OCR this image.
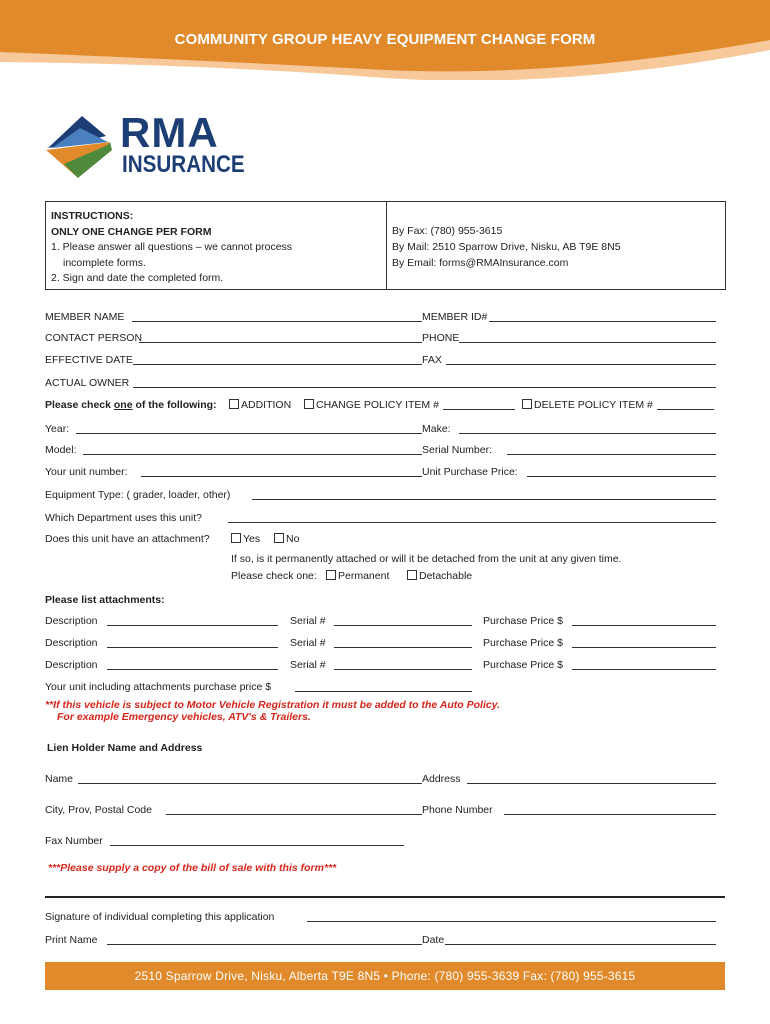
COMMUNITY GROUP HEAVY EQUIPMENT CHANGE FORM
RMA
INSURANCE
INSTRUCTIONS:
ONLY ONE CHANGE PER FORM
1. Please answer all questions – we cannot process
incomplete forms.
2. Sign and date the completed form.
By Fax: (780) 955-3615
By Mail: 2510 Sparrow Drive, Nisku, AB T9E 8N5
By Email: forms@RMAInsurance.com
MEMBER NAME	MEMBER ID#
CONTACT PERSON	PHONE
EFFECTIVE DATE	FAX
ACTUAL OWNER
Please check one of the following:	ADDITION	CHANGE POLICY ITEM #	DELETE POLICY ITEM #
Year:	Make:
Model:	Serial Number:
Your unit number:	Unit Purchase Price:
Equipment Type: ( grader, loader, other)
Which Department uses this unit?
Does this unit have an attachment?	Yes	No
If so, is it permanently attached or will it be detached from the unit at any given time.
Please check one:	Permanent	Detachable
Please list attachments:
Description	Serial #	Purchase Price $
Description	Serial #	Purchase Price $
Description	Serial #	Purchase Price $
Your unit including attachments purchase price $
**If this vehicle is subject to Motor Vehicle Registration it must be added to the Auto Policy.
For example Emergency vehicles, ATV's & Trailers.
Lien Holder Name and Address
Name	Address
City, Prov, Postal Code	Phone Number
Fax Number
***Please supply a copy of the bill of sale with this form***
Signature of individual completing this application
Print Name	Date
2510 Sparrow Drive, Nisku, Alberta T9E 8N5 • Phone: (780) 955-3639 Fax: (780) 955-3615
